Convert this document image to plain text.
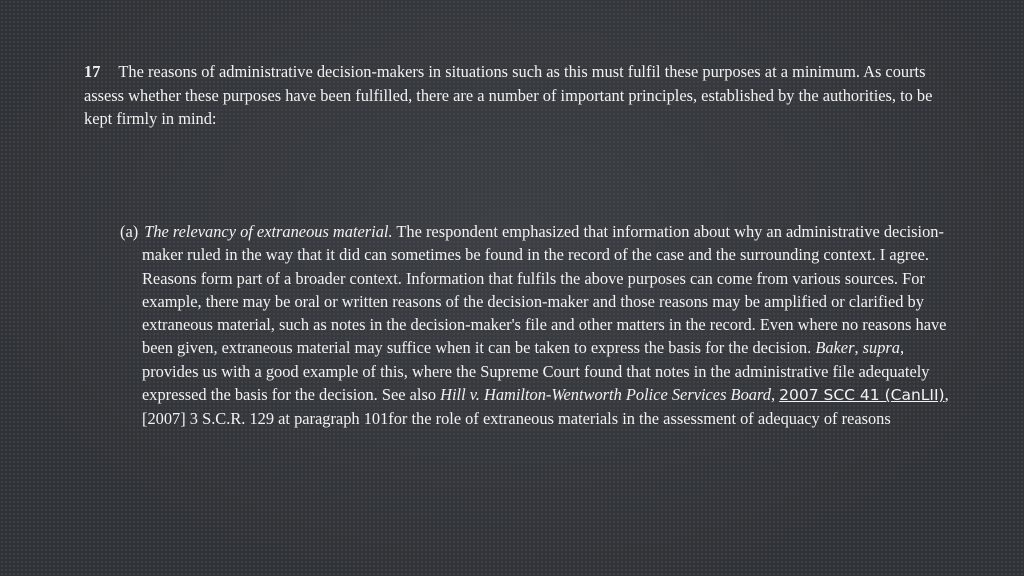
17 The reasons of administrative decision-makers in situations such as this must fulfil these purposes at a minimum. As courts assess whether these purposes have been fulfilled, there are a number of important principles, established by the authorities, to be kept firmly in mind:

(a) The relevancy of extraneous material. The respondent emphasized that information about why an administrative decision-maker ruled in the way that it did can sometimes be found in the record of the case and the surrounding context. I agree. Reasons form part of a broader context. Information that fulfils the above purposes can come from various sources. For example, there may be oral or written reasons of the decision-maker and those reasons may be amplified or clarified by extraneous material, such as notes in the decision-maker's file and other matters in the record. Even where no reasons have been given, extraneous material may suffice when it can be taken to express the basis for the decision. Baker, supra, provides us with a good example of this, where the Supreme Court found that notes in the administrative file adequately expressed the basis for the decision. See also Hill v. Hamilton-Wentworth Police Services Board, 2007 SCC 41 (CanLII), [2007] 3 S.C.R. 129 at paragraph 101for the role of extraneous materials in the assessment of adequacy of reasons
